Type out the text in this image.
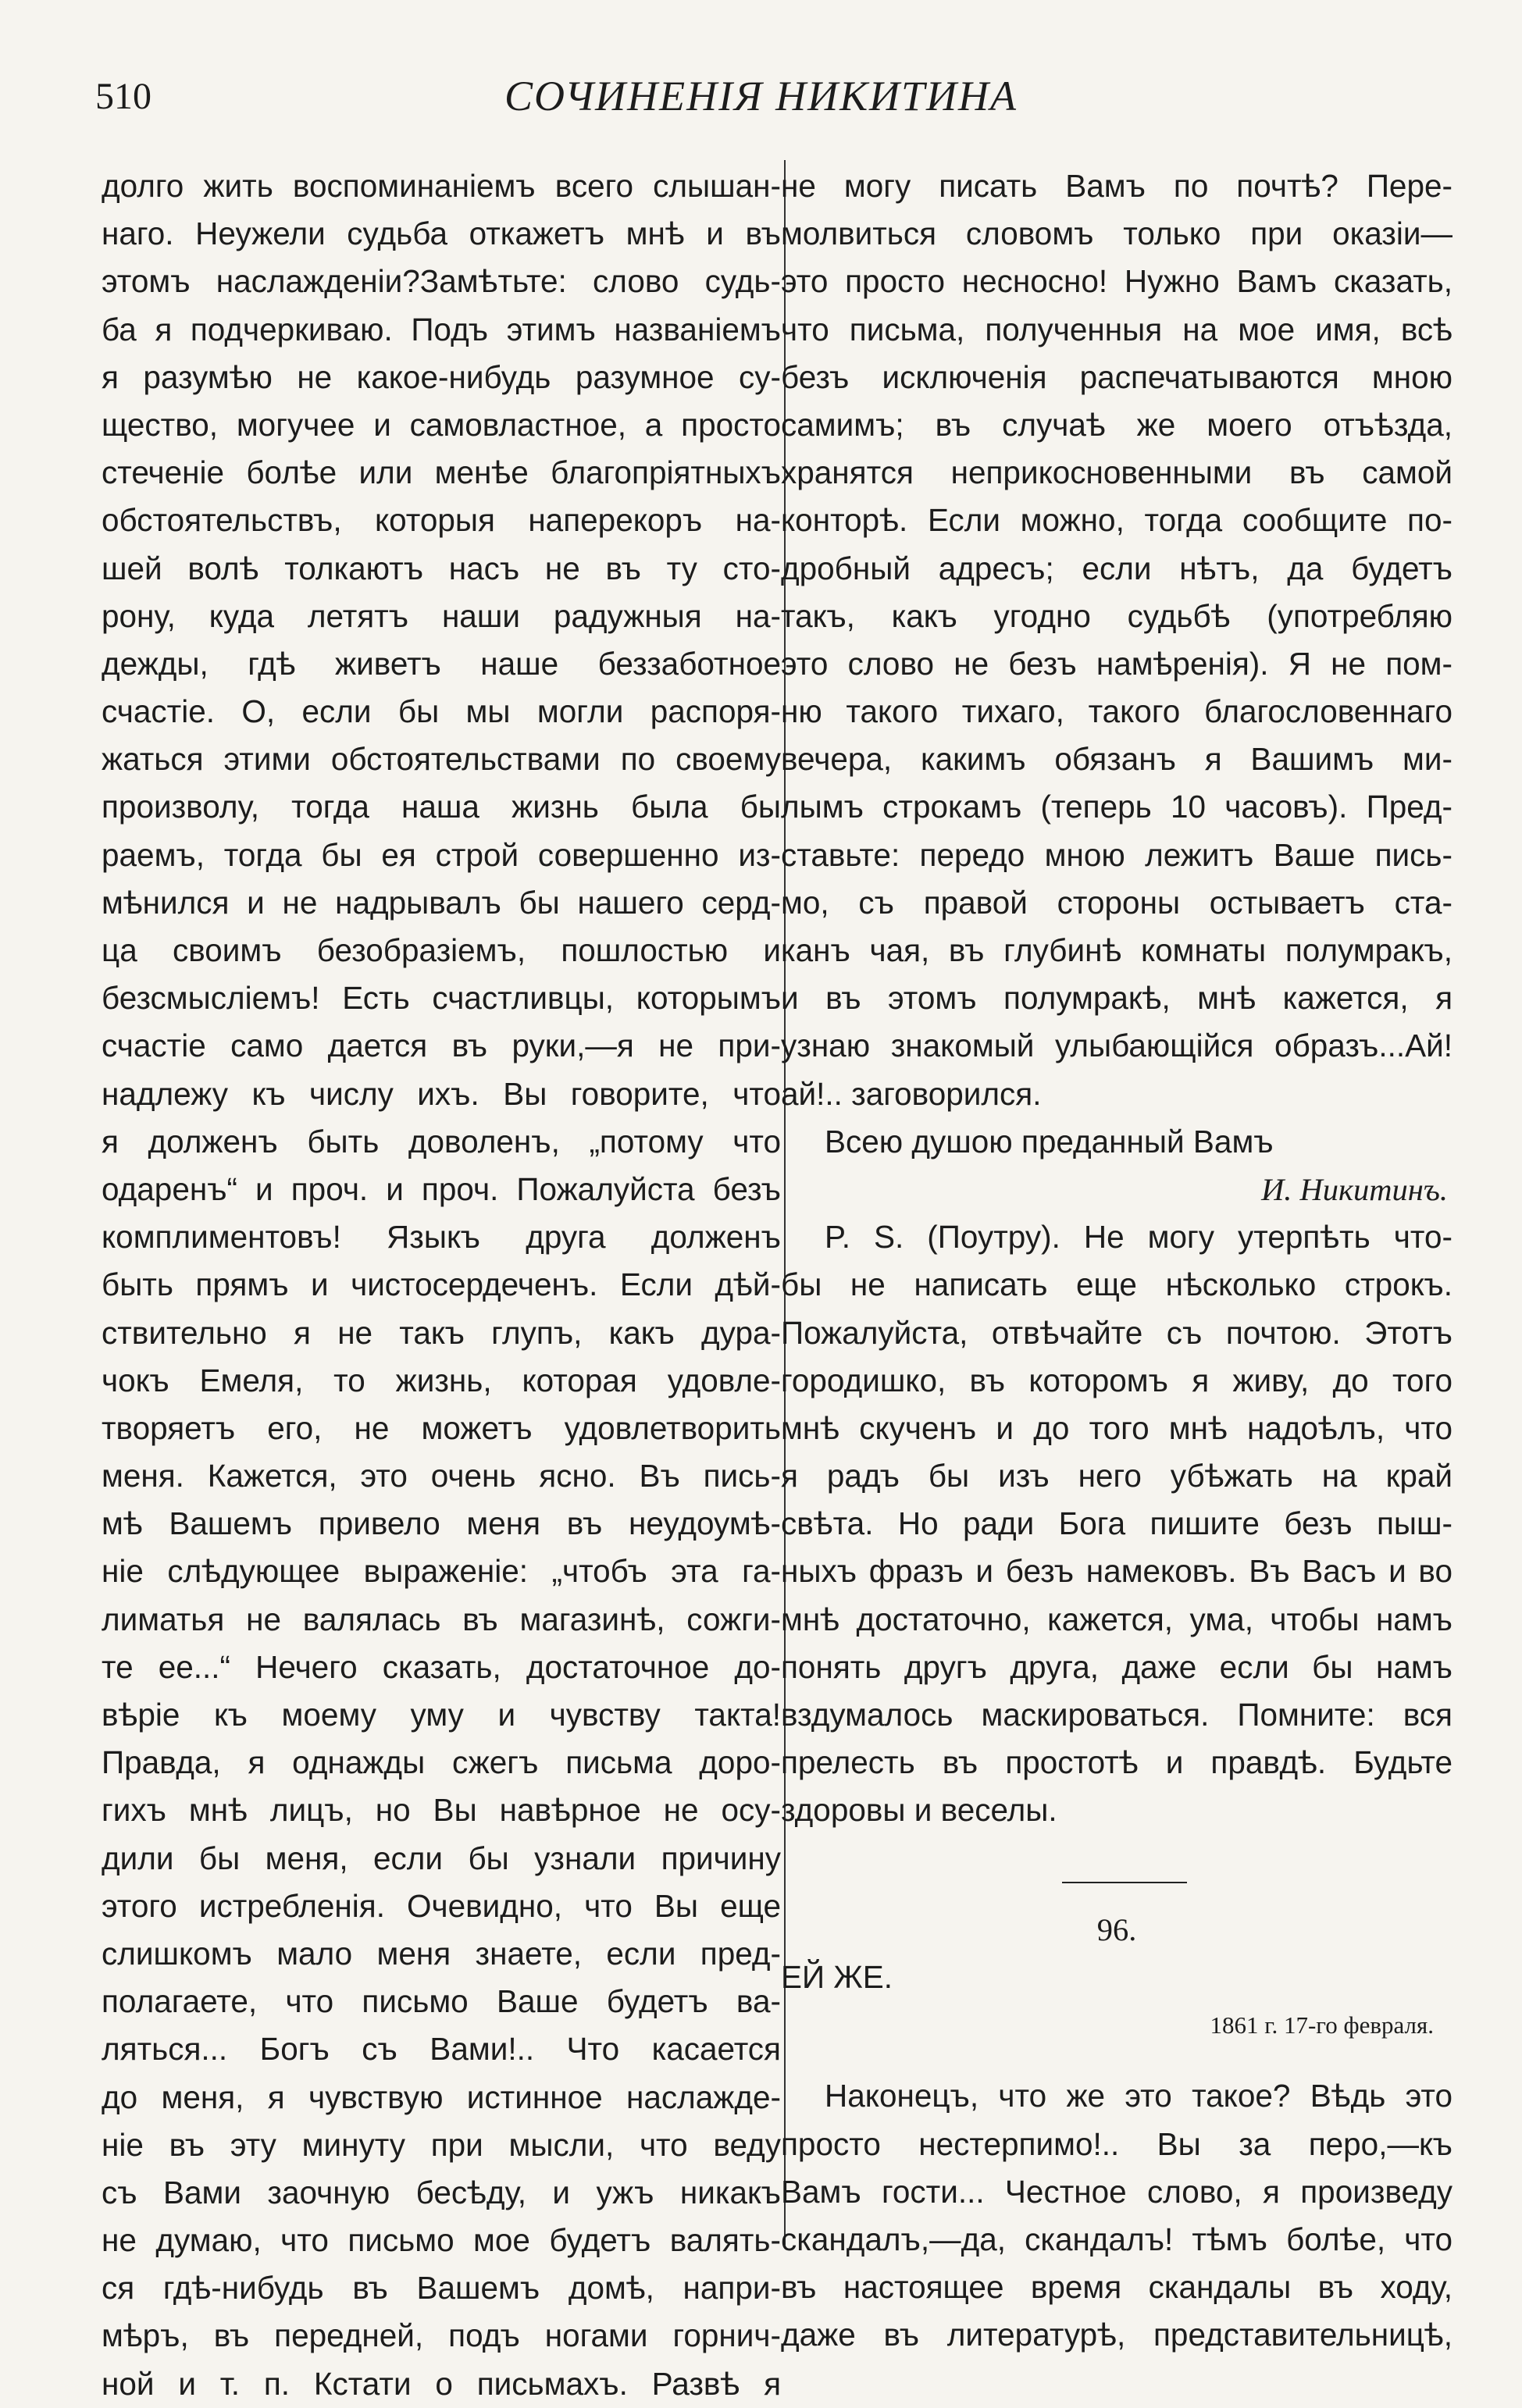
510	СОЧИНЕНІЯ НИКИТИНА
долго жить воспоминаніемъ всего слышан-
наго. Неужели судьба откажетъ мнѣ и въ
этомъ наслажденіи?Замѣтьте: слово судь-
ба я подчеркиваю. Подъ этимъ названіемъ
я разумѣю не какое-нибудь разумное су-
щество, могучее и самовластное, а просто
стеченіе болѣе или менѣе благопріятныхъ
обстоятельствъ, которыя наперекоръ на-
шей волѣ толкаютъ насъ не въ ту сто-
рону, куда летятъ наши радужныя на-
дежды, гдѣ живетъ наше беззаботное
счастіе. О, если бы мы могли распоря-
жаться этими обстоятельствами по своему
произволу, тогда наша жизнь была бы
раемъ, тогда бы ея строй совершенно из-
мѣнился и не надрывалъ бы нашего серд-
ца своимъ безобразіемъ, пошлостью и
безсмысліемъ! Есть счастливцы, которымъ
счастіе само дается въ руки,—я не при-
надлежу къ числу ихъ. Вы говорите, что
я долженъ быть доволенъ, „потому что
одаренъ“ и проч. и проч. Пожалуйста безъ
комплиментовъ! Языкъ друга долженъ
быть прямъ и чистосердеченъ. Если дѣй-
ствительно я не такъ глупъ, какъ дура-
чокъ Емеля, то жизнь, которая удовле-
творяетъ его, не можетъ удовлетворить
меня. Кажется, это очень ясно. Въ пись-
мѣ Вашемъ привело меня въ неудоумѣ-
ніе слѣдующее выраженіе: „чтобъ эта га-
лиматья не валялась въ магазинѣ, сожги-
те ее...“ Нечего сказать, достаточное до-
вѣріе къ моему уму и чувству такта!
Правда, я однажды сжегъ письма доро-
гихъ мнѣ лицъ, но Вы навѣрное не осу-
дили бы меня, если бы узнали причину
этого истребленія. Очевидно, что Вы еще
слишкомъ мало меня знаете, если пред-
полагаете, что письмо Ваше будетъ ва-
ляться... Богъ съ Вами!.. Что касается
до меня, я чувствую истинное наслажде-
ніе въ эту минуту при мысли, что веду
съ Вами заочную бесѣду, и ужъ никакъ
не думаю, что письмо мое будетъ валять-
ся гдѣ-нибудь въ Вашемъ домѣ, напри-
мѣръ, въ передней, подъ ногами горнич-
ной и т. п. Кстати о письмахъ. Развѣ я
не могу писать Вамъ по почтѣ? Пере-
молвиться словомъ только при оказіи—
это просто несносно! Нужно Вамъ сказать,
что письма, полученныя на мое имя, всѣ
безъ исключенія распечатываются мною
самимъ; въ случаѣ же моего отъѣзда,
хранятся неприкосновенными въ самой
конторѣ. Если можно, тогда сообщите по-
дробный адресъ; если нѣтъ, да будетъ
такъ, какъ угодно судьбѣ (употребляю
это слово не безъ намѣренія). Я не пом-
ню такого тихаго, такого благословеннаго
вечера, какимъ обязанъ я Вашимъ ми-
лымъ строкамъ (теперь 10 часовъ). Пред-
ставьте: передо мною лежитъ Ваше пись-
мо, съ правой стороны остываетъ ста-
канъ чая, въ глубинѣ комнаты полумракъ,
и въ этомъ полумракѣ, мнѣ кажется, я
узнаю знакомый улыбающійся образъ...Ай!
ай!.. заговорился.
Всею душою преданный Вамъ
И. Никитинъ.
P. S. (Поутру). Не могу утерпѣть что-
бы не написать еще нѣсколько строкъ.
Пожалуйста, отвѣчайте съ почтою. Этотъ
городишко, въ которомъ я живу, до того
мнѣ скученъ и до того мнѣ надоѣлъ, что
я радъ бы изъ него убѣжать на край
свѣта. Но ради Бога пишите безъ пыш-
ныхъ фразъ и безъ намековъ. Въ Васъ и во
мнѣ достаточно, кажется, ума, чтобы намъ
понять другъ друга, даже если бы намъ
вздумалось маскироваться. Помните: вся
прелесть въ простотѣ и правдѣ. Будьте
здоровы и веселы.
96.
ЕЙ ЖЕ.
1861 г. 17-го февраля.
Наконецъ, что же это такое? Вѣдь это
просто нестерпимо!.. Вы за перо,—къ
Вамъ гости... Честное слово, я произведу
скандалъ,—да, скандалъ! тѣмъ болѣе, что
въ настоящее время скандалы въ ходу,
даже въ литературѣ, представительницѣ,
